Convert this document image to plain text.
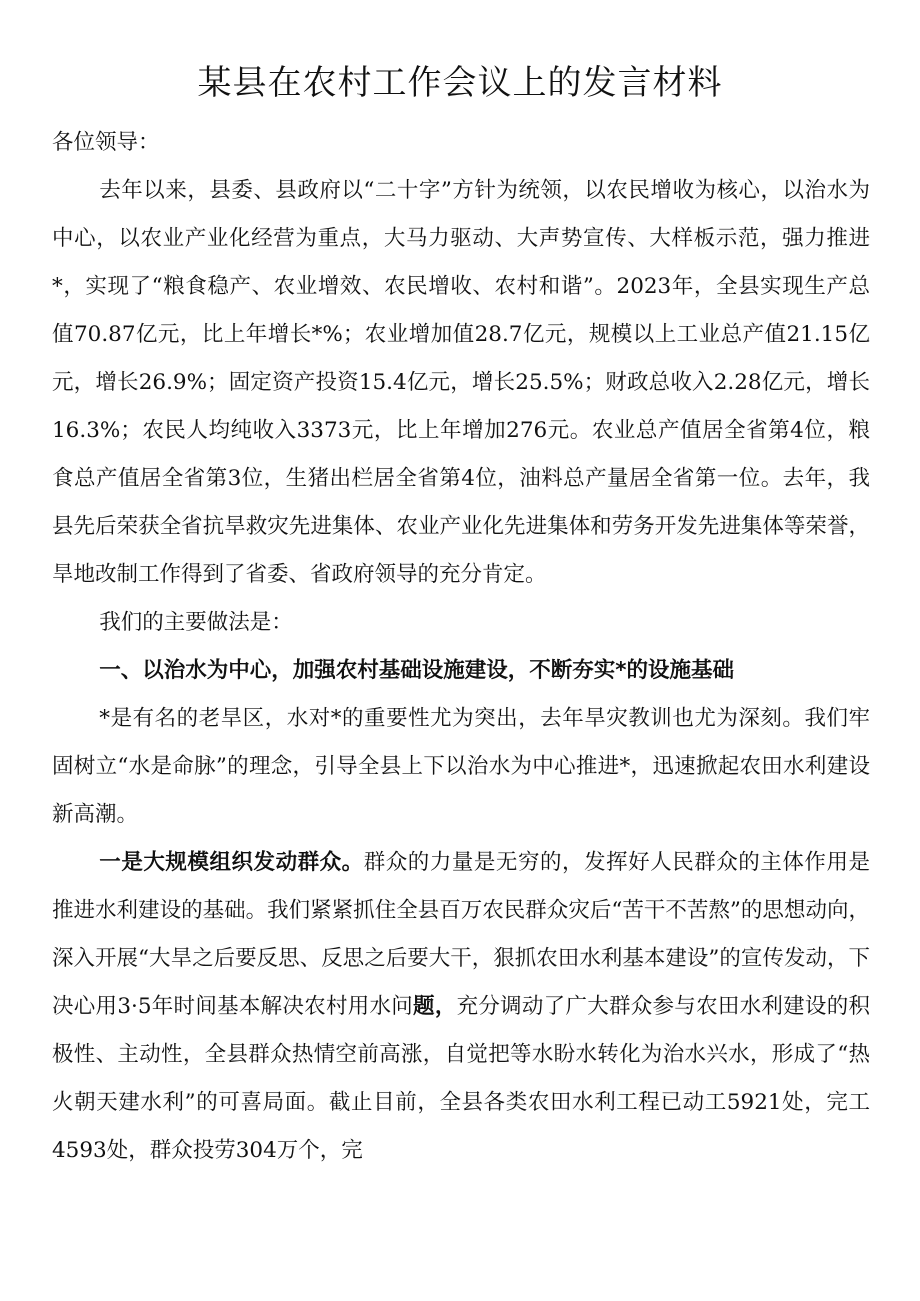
某县在农村工作会议上的发言材料

各位领导：

去年以来，县委、县政府以“二十字”方针为统领，以农民增收为核心，以治水为中心，以农业产业化经营为重点，大马力驱动、大声势宣传、大样板示范，强力推进*，实现了“粮食稳产、农业增效、农民增收、农村和谐”。2023年，全县实现生产总值70.87亿元，比上年增长*%；农业增加值28.7亿元，规模以上工业总产值21.15亿元，增长26.9%；固定资产投资15.4亿元，增长25.5%；财政总收入2.28亿元，增长16.3%；农民人均纯收入3373元，比上年增加276元。农业总产值居全省第4位，粮食总产值居全省第3位，生猪出栏居全省第4位，油料总产量居全省第一位。去年，我县先后荣获全省抗旱救灾先进集体、农业产业化先进集体和劳务开发先进集体等荣誉，旱地改制工作得到了省委、省政府领导的充分肯定。

我们的主要做法是：

一、以治水为中心，加强农村基础设施建设，不断夯实*的设施基础

*是有名的老旱区，水对*的重要性尤为突出，去年旱灾教训也尤为深刻。我们牢固树立“水是命脉”的理念，引导全县上下以治水为中心推进*，迅速掀起农田水利建设新高潮。

一是大规模组织发动群众。群众的力量是无穷的，发挥好人民群众的主体作用是推进水利建设的基础。我们紧紧抓住全县百万农民群众灾后“苦干不苦熬”的思想动向，深入开展“大旱之后要反思、反思之后要大干，狠抓农田水利基本建设”的宣传发动，下决心用3·5年时间基本解决农村用水问题，充分调动了广大群众参与农田水利建设的积极性、主动性，全县群众热情空前高涨，自觉把等水盼水转化为治水兴水，形成了“热火朝天建水利”的可喜局面。截止目前，全县各类农田水利工程已动工5921处，完工4593处，群众投劳304万个，完
